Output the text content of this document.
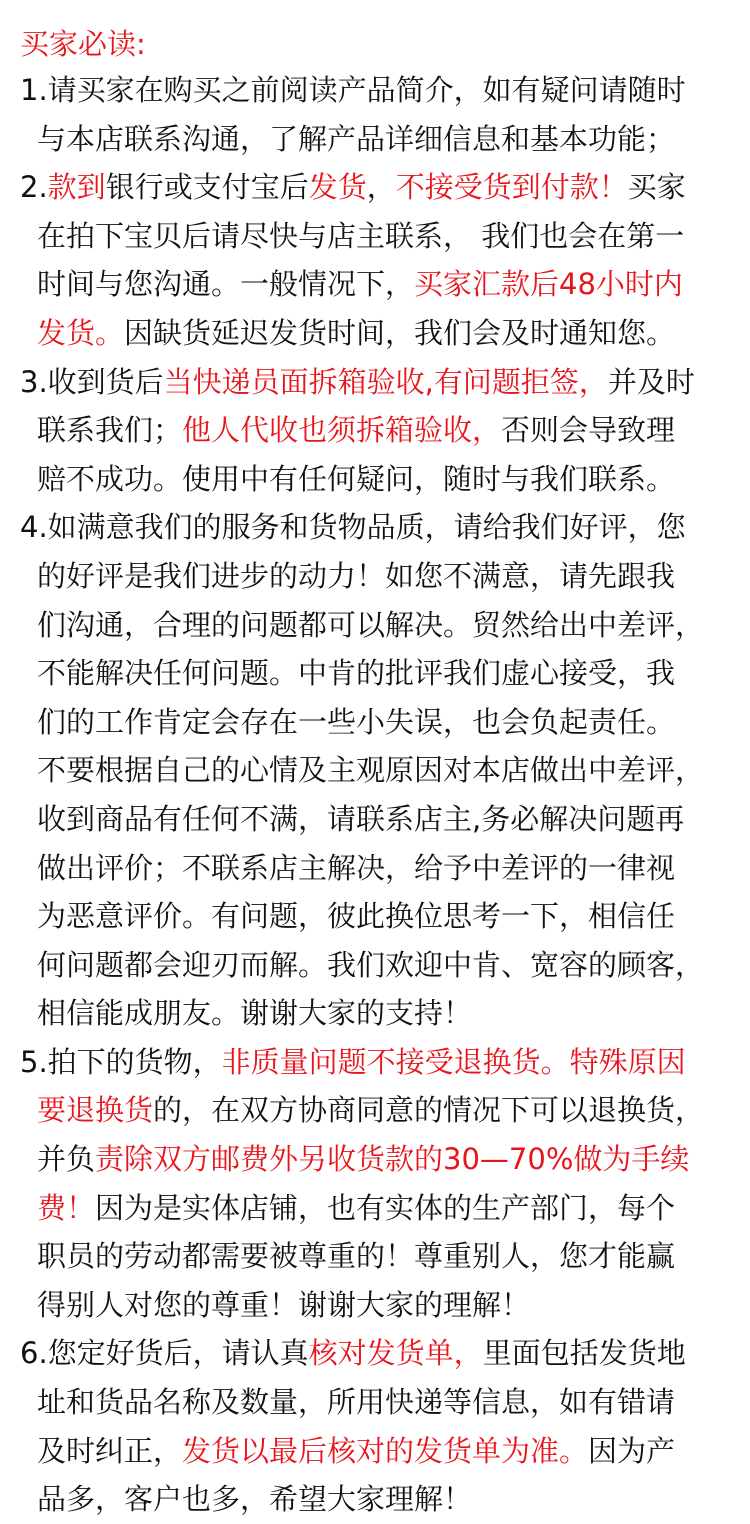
买家必读:
1.请买家在购买之前阅读产品简介，如有疑问请随时
与本店联系沟通，了解产品详细信息和基本功能；
2.款到银行或支付宝后发货，不接受货到付款！买家
在拍下宝贝后请尽快与店主联系， 我们也会在第一
时间与您沟通。一般情况下，买家汇款后48小时内
发货。因缺货延迟发货时间，我们会及时通知您。
3.收到货后当快递员面拆箱验收,有问题拒签，并及时
联系我们；他人代收也须拆箱验收，否则会导致理
赔不成功。使用中有任何疑问，随时与我们联系。
4.如满意我们的服务和货物品质，请给我们好评，您
的好评是我们进步的动力！如您不满意，请先跟我
们沟通，合理的问题都可以解决。贸然给出中差评，
不能解决任何问题。中肯的批评我们虚心接受，我
们的工作肯定会存在一些小失误，也会负起责任。
不要根据自己的心情及主观原因对本店做出中差评，
收到商品有任何不满，请联系店主,务必解决问题再
做出评价；不联系店主解决，给予中差评的一律视
为恶意评价。有问题，彼此换位思考一下，相信任
何问题都会迎刃而解。我们欢迎中肯、宽容的顾客，
相信能成朋友。谢谢大家的支持！
5.拍下的货物，非质量问题不接受退换货。特殊原因
要退换货的，在双方协商同意的情况下可以退换货，
并负责除双方邮费外另收货款的30—70%做为手续
费！因为是实体店铺，也有实体的生产部门，每个
职员的劳动都需要被尊重的！尊重别人，您才能赢
得别人对您的尊重！谢谢大家的理解！
6.您定好货后，请认真核对发货单，里面包括发货地
址和货品名称及数量，所用快递等信息，如有错请
及时纠正，发货以最后核对的发货单为准。因为产
品多，客户也多，希望大家理解！
